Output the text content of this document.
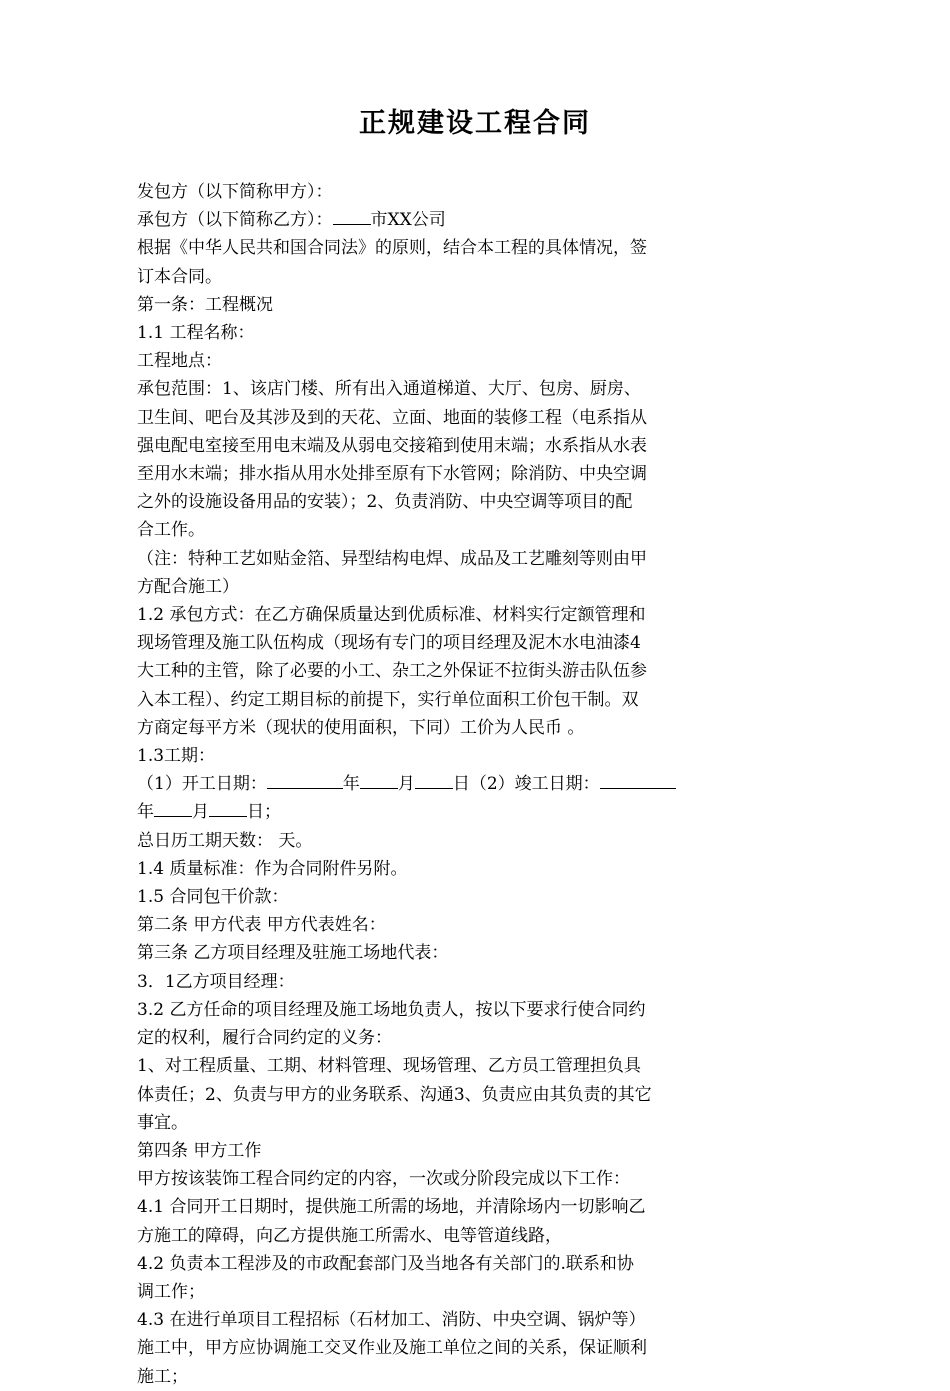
正规建设工程合同

发包方（以下简称甲方）：

承包方（以下简称乙方）： 市XX公司

根据《中华人民共和国合同法》的原则，结合本工程的具体情况，签

订本合同。

第一条：工程概况

1.1 工程名称：

工程地点：

承包范围：1、该店门楼、所有出入通道梯道、大厅、包房、厨房、

卫生间、吧台及其涉及到的天花、立面、地面的装修工程（电系指从

强电配电室接至用电末端及从弱电交接箱到使用末端；水系指从水表

至用水末端；排水指从用水处排至原有下水管网；除消防、中央空调

之外的设施设备用品的安装）；2、负责消防、中央空调等项目的配

合工作。

（注：特种工艺如贴金箔、异型结构电焊、成品及工艺雕刻等则由甲

方配合施工）

1.2 承包方式：在乙方确保质量达到优质标准、材料实行定额管理和

现场管理及施工队伍构成（现场有专门的项目经理及泥木水电油漆4

大工种的主管，除了必要的小工、杂工之外保证不拉街头游击队伍参

入本工程）、约定工期目标的前提下，实行单位面积工价包干制。双

方商定每平方米（现状的使用面积，下同）工价为人民币 。

1.3工期：

（1）开工日期：	年 月 日（2）竣工日期：

年 月 日；

总日历工期天数： 天。

1.4 质量标准：作为合同附件另附。

1.5 合同包干价款：

第二条 甲方代表 甲方代表姓名：

第三条 乙方项目经理及驻施工场地代表：

3．1乙方项目经理：

3.2 乙方任命的项目经理及施工场地负责人，按以下要求行使合同约

定的权利，履行合同约定的义务：

1、对工程质量、工期、材料管理、现场管理、乙方员工管理担负具

体责任；2、负责与甲方的业务联系、沟通3、负责应由其负责的其它

事宜。

第四条 甲方工作

甲方按该装饰工程合同约定的内容，一次或分阶段完成以下工作：

4.1 合同开工日期时，提供施工所需的场地，并清除场内一切影响乙

方施工的障碍，向乙方提供施工所需水、电等管道线路，

4.2 负责本工程涉及的市政配套部门及当地各有关部门的.联系和协

调工作；

4.3 在进行单项目工程招标（石材加工、消防、中央空调、锅炉等）

施工中，甲方应协调施工交叉作业及施工单位之间的关系，保证顺利

施工；
